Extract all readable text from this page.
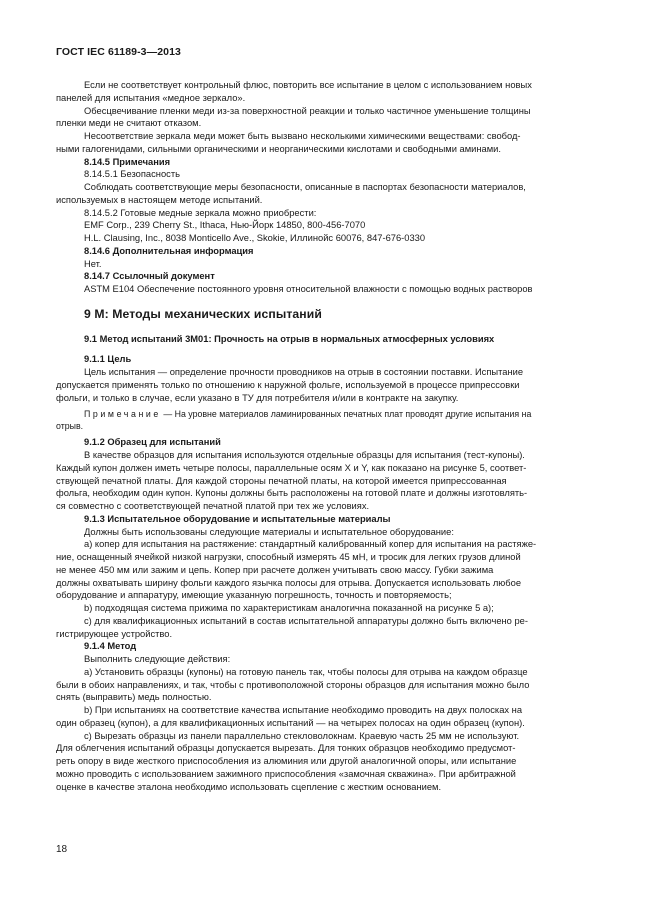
ГОСТ IEC 61189-3—2013

Если не соответствует контрольный флюс, повторить все испытание в целом с использованием новых

панелей для испытания «медное зеркало».

Обесцвечивание пленки меди из-за поверхностной реакции и только частичное уменьшение толщины

пленки меди не считают отказом.

Несоответствие зеркала меди может быть вызвано несколькими химическими веществами: свобод-

ными галогенидами, сильными органическими и неорганическими кислотами и свободными аминами.

8.14.5 Примечания

8.14.5.1 Безопасность

Соблюдать соответствующие меры безопасности, описанные в паспортах безопасности материалов,

используемых в настоящем методе испытаний.

8.14.5.2 Готовые медные зеркала можно приобрести:

EMF Corp., 239 Cherry St., Ithaca, Нью-Йорк 14850, 800-456-7070

H.L. Clausing, Inc., 8038 Monticello Ave., Skokie, Иллинойс 60076, 847-676-0330

8.14.6 Дополнительная информация

Нет.

8.14.7 Ссылочный документ

ASTM E104 Обеспечение постоянного уровня относительной влажности с помощью водных растворов

9 М: Методы механических испытаний

9.1 Метод испытаний 3М01: Прочность на отрыв в нормальных атмосферных условиях

9.1.1 Цель

Цель испытания — определение прочности проводников на отрыв в состоянии поставки. Испытание

допускается применять только по отношению к наружной фольге, используемой в процессе припрессовки

фольги, и только в случае, если указано в ТУ для потребителя и/или в контракте на закупку.

Примечание — На уровне материалов ламинированных печатных плат проводят другие испытания на

отрыв.

9.1.2 Образец для испытаний

В качестве образцов для испытания используются отдельные образцы для испытания (тест-купоны).

Каждый купон должен иметь четыре полосы, параллельные осям X и Y, как показано на рисунке 5, соответ-

ствующей печатной платы. Для каждой стороны печатной платы, на которой имеется припрессованная

фольга, необходим один купон. Купоны должны быть расположены на готовой плате и должны изготовлять-

ся совместно с соответствующей печатной платой при тех же условиях.

9.1.3 Испытательное оборудование и испытательные материалы

Должны быть использованы следующие материалы и испытательное оборудование:

a) копер для испытания на растяжение: стандартный калиброванный копер для испытания на растяже-

ние, оснащенный ячейкой низкой нагрузки, способный измерять 45 мН, и тросик для легких грузов длиной

не менее 450 мм или зажим и цепь. Копер при расчете должен учитывать свою массу. Губки зажима

должны охватывать ширину фольги каждого язычка полосы для отрыва. Допускается использовать любое

оборудование и аппаратуру, имеющие указанную погрешность, точность и повторяемость;

b) подходящая система прижима по характеристикам аналогична показанной на рисунке 5 а);

c) для квалификационных испытаний в состав испытательной аппаратуры должно быть включено ре-

гистрирующее устройство.

9.1.4 Метод

Выполнить следующие действия:

a) Установить образцы (купоны) на готовую панель так, чтобы полосы для отрыва на каждом образце

были в обоих направлениях, и так, чтобы с противоположной стороны образцов для испытания можно было

снять (выправить) медь полностью.

b) При испытаниях на соответствие качества испытание необходимо проводить на двух полосках на

один образец (купон), а для квалификационных испытаний — на четырех полосах на один образец (купон).

c) Вырезать образцы из панели параллельно стекловолокнам. Краевую часть 25 мм не используют.

Для облегчения испытаний образцы допускается вырезать. Для тонких образцов необходимо предусмот-

реть опору в виде жесткого приспособления из алюминия или другой аналогичной опоры, или испытание

можно проводить с использованием зажимного приспособления «замочная скважина». При арбитражной

оценке в качестве эталона необходимо использовать сцепление с жестким основанием.

18
